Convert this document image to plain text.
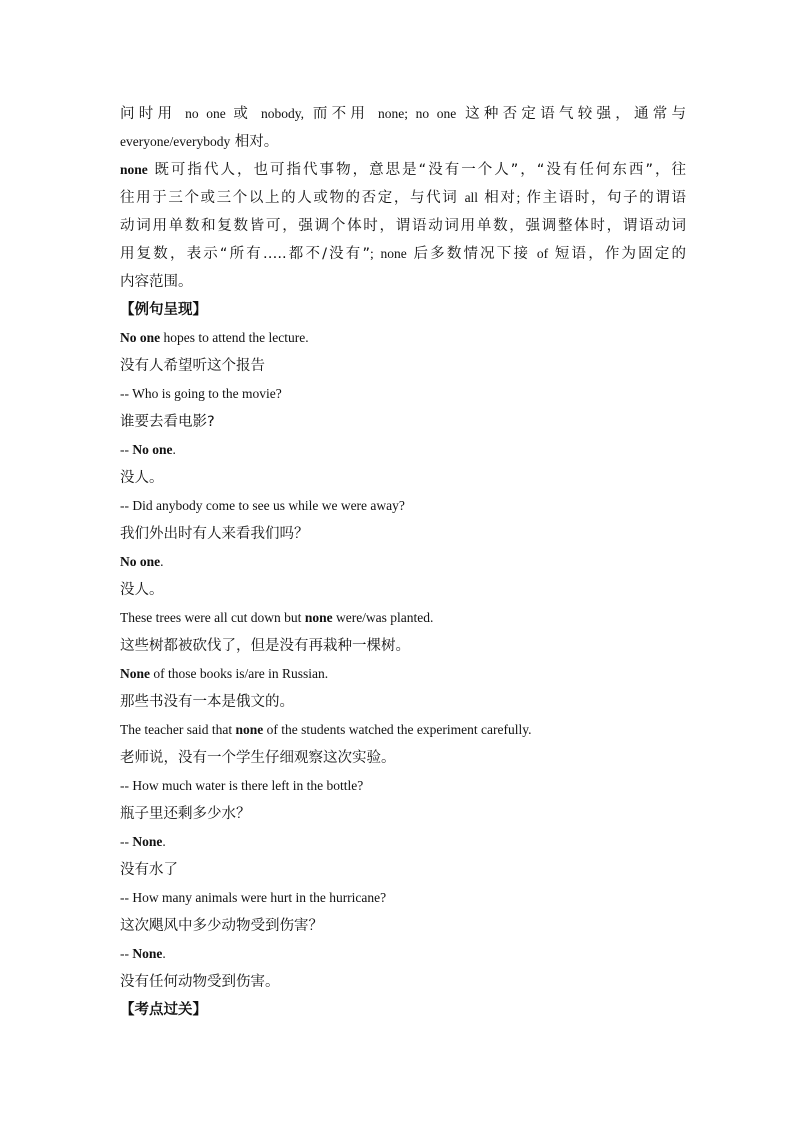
问时用 no one 或 nobody, 而不用 none; no one 这种否定语气较强，通常与
everyone/everybody 相对。
none 既可指代人，也可指代事物，意思是“没有一个人”，“没有任何东西”，往
往用于三个或三个以上的人或物的否定，与代词 all 相对; 作主语时，句子的谓语
动词用单数和复数皆可，强调个体时，谓语动词用单数，强调整体时，谓语动词
用复数，表示“所有…..都不/没有”; none 后多数情况下接 of 短语，作为固定的
内容范围。
【例句呈现】
No one hopes to attend the lecture.
没有人希望听这个报告
-- Who is going to the movie?
谁要去看电影?
-- No one.
没人。
-- Did anybody come to see us while we were away?
我们外出时有人来看我们吗？
No one.
没人。
These trees were all cut down but none were/was planted.
这些树都被砍伐了，但是没有再栽种一棵树。
None of those books is/are in Russian.
那些书没有一本是俄文的。
The teacher said that none of the students watched the experiment carefully.
老师说，没有一个学生仔细观察这次实验。
-- How much water is there left in the bottle?
瓶子里还剩多少水？
-- None.
没有水了
-- How many animals were hurt in the hurricane?
这次飓风中多少动物受到伤害？
-- None.
没有任何动物受到伤害。
【考点过关】
